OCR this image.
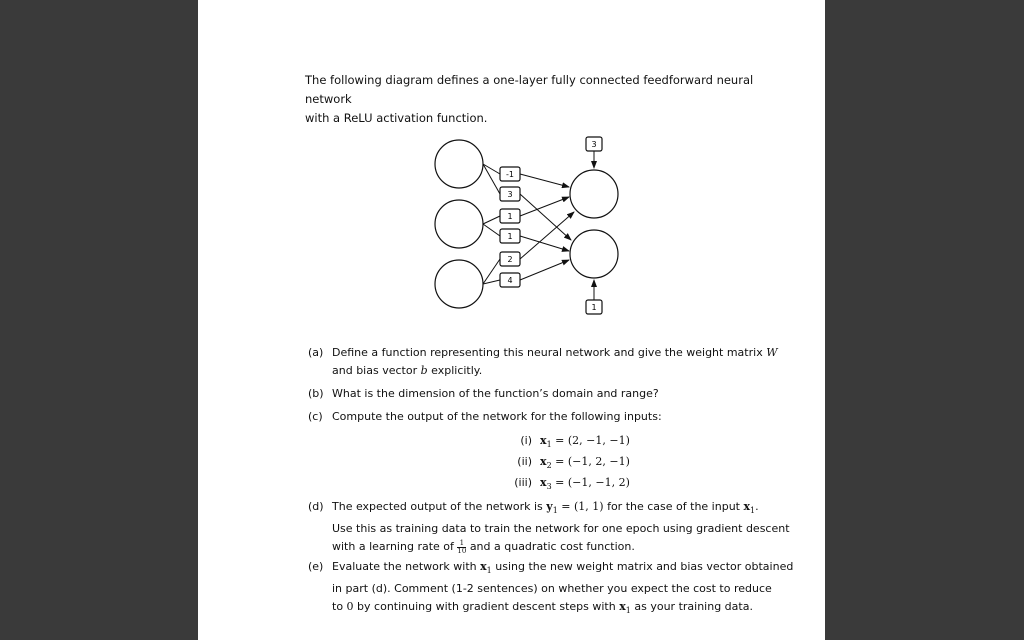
The following diagram defines a one-layer fully connected feedforward neural network
with a ReLU activation function.
-1
3
1
1
2
4
3
1
(a) Define a function representing this neural network and give the weight matrix W
and bias vector b explicitly.
(b) What is the dimension of the function’s domain and range?
(c) Compute the output of the network for the following inputs:
(i) $x_1 = (2$, −1, −1)
(ii) $x_2 = (-1$, 2, −1)
(iii) $x_3 = (-1$, −1, 2)
(d) The expected output of the network is $y_1 = (1$, 1) for the case of the input $x_1$.
Use this as training data to train the network for one epoch using gradient descent
with a learning rate of $\frac{1}{10}$ and a quadratic cost function.
(e) Evaluate the network with $x_1$ using the new weight matrix and bias vector obtained
in part (d). Comment (1-2 sentences) on whether you expect the cost to reduce
to 0 by continuing with gradient descent steps with $x_1$ as your training data.
